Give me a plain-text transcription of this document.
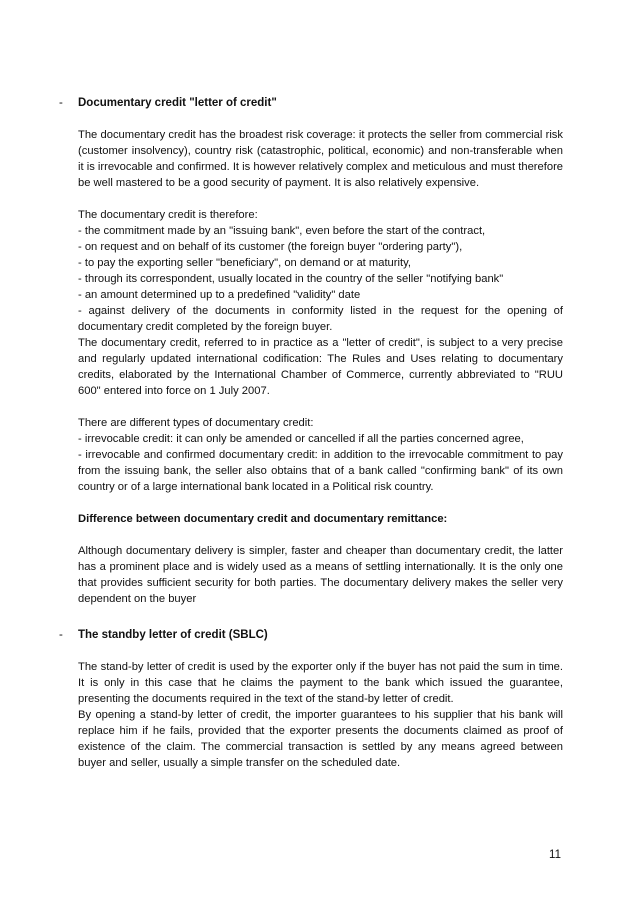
- Documentary credit "letter of credit"

The documentary credit has the broadest risk coverage: it protects the seller from commercial risk (customer insolvency), country risk (catastrophic, political, economic) and non-transferable when it is irrevocable and confirmed. It is however relatively complex and meticulous and must therefore be well mastered to be a good security of payment. It is also relatively expensive.

The documentary credit is therefore:
- the commitment made by an "issuing bank", even before the start of the contract,
- on request and on behalf of its customer (the foreign buyer "ordering party"),
- to pay the exporting seller "beneficiary", on demand or at maturity,
- through its correspondent, usually located in the country of the seller "notifying bank"
- an amount determined up to a predefined "validity" date
- against delivery of the documents in conformity listed in the request for the opening of documentary credit completed by the foreign buyer.

The documentary credit, referred to in practice as a "letter of credit", is subject to a very precise and regularly updated international codification: The Rules and Uses relating to documentary credits, elaborated by the International Chamber of Commerce, currently abbreviated to "RUU 600" entered into force on 1 July 2007.

There are different types of documentary credit:
- irrevocable credit: it can only be amended or cancelled if all the parties concerned agree,
- irrevocable and confirmed documentary credit: in addition to the irrevocable commitment to pay from the issuing bank, the seller also obtains that of a bank called "confirming bank" of its own country or of a large international bank located in a Political risk country.
Difference between documentary credit and documentary remittance:

Although documentary delivery is simpler, faster and cheaper than documentary credit, the latter has a prominent place and is widely used as a means of settling internationally. It is the only one that provides sufficient security for both parties. The documentary delivery makes the seller very dependent on the buyer

- The standby letter of credit (SBLC)

The stand-by letter of credit is used by the exporter only if the buyer has not paid the sum in time. It is only in this case that he claims the payment to the bank which issued the guarantee, presenting the documents required in the text of the stand-by letter of credit.

By opening a stand-by letter of credit, the importer guarantees to his supplier that his bank will replace him if he fails, provided that the exporter presents the documents claimed as proof of existence of the claim. The commercial transaction is settled by any means agreed between buyer and seller, usually a simple transfer on the scheduled date.

11
